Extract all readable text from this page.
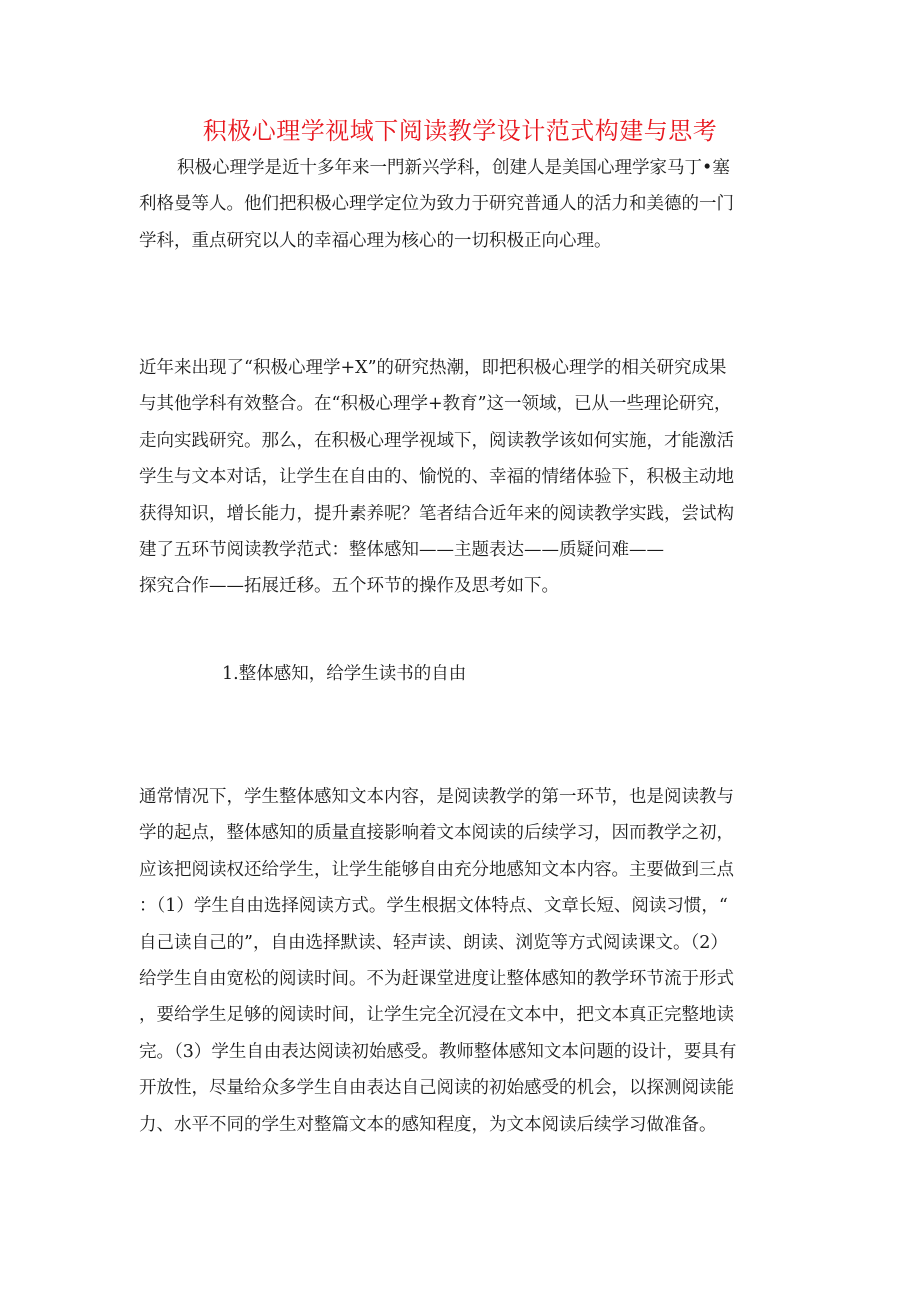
积极心理学视域下阅读教学设计范式构建与思考
积极心理学是近十多年来一門新兴学科，创建人是美国心理学家马丁•塞
利格曼等人。他们把积极心理学定位为致力于研究普通人的活力和美德的一门
学科，重点研究以人的幸福心理为核心的一切积极正向心理。
近年来出现了“积极心理学+X”的研究热潮，即把积极心理学的相关研究成果
与其他学科有效整合。在“积极心理学+教育”这一领域，已从一些理论研究，
走向实践研究。那么，在积极心理学视域下，阅读教学该如何实施，才能激活
学生与文本对话，让学生在自由的、愉悦的、幸福的情绪体验下，积极主动地
获得知识，增长能力，提升素养呢？笔者结合近年来的阅读教学实践，尝试构
建了五环节阅读教学范式：整体感知——主题表达——质疑问难——
探究合作——拓展迁移。五个环节的操作及思考如下。
1.整体感知，给学生读书的自由
通常情况下，学生整体感知文本内容，是阅读教学的第一环节，也是阅读教与
学的起点，整体感知的质量直接影响着文本阅读的后续学习，因而教学之初，
应该把阅读权还给学生，让学生能够自由充分地感知文本内容。主要做到三点
：（1）学生自由选择阅读方式。学生根据文体特点、文章长短、阅读习惯，“
自己读自己的”，自由选择默读、轻声读、朗读、浏览等方式阅读课文。（2）
给学生自由宽松的阅读时间。不为赶课堂进度让整体感知的教学环节流于形式
，要给学生足够的阅读时间，让学生完全沉浸在文本中，把文本真正完整地读
完。（3）学生自由表达阅读初始感受。教师整体感知文本问题的设计，要具有
开放性，尽量给众多学生自由表达自己阅读的初始感受的机会，以探测阅读能
力、水平不同的学生对整篇文本的感知程度，为文本阅读后续学习做准备。
